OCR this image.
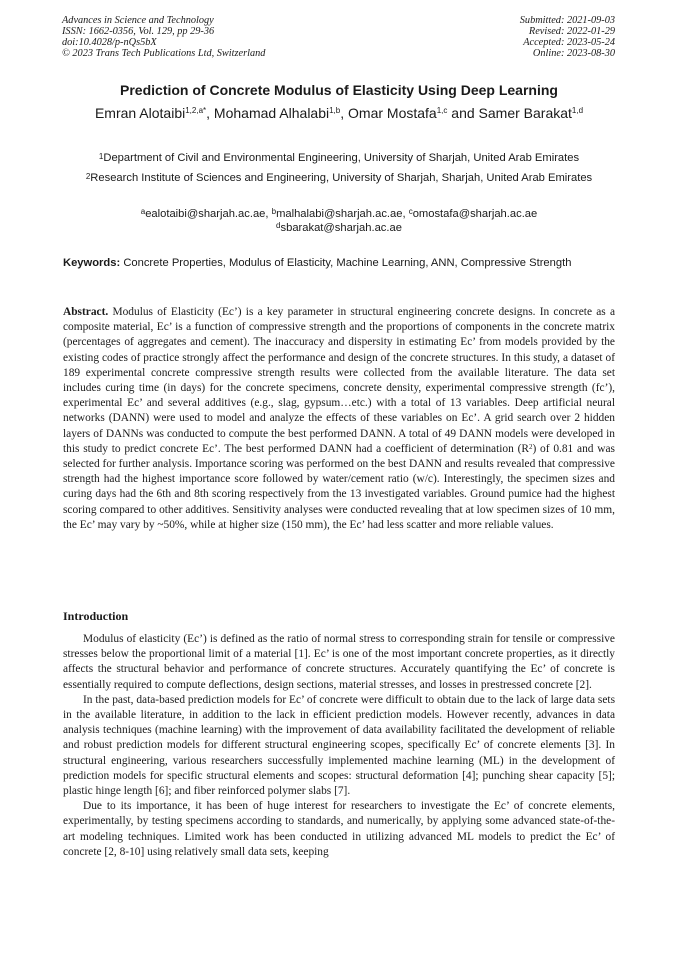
Advances in Science and Technology
ISSN: 1662-0356, Vol. 129, pp 29-36
doi:10.4028/p-nQs5bX
© 2023 Trans Tech Publications Ltd, Switzerland
Submitted: 2021-09-03
Revised: 2022-01-29
Accepted: 2023-05-24
Online: 2023-08-30
Prediction of Concrete Modulus of Elasticity Using Deep Learning
Emran Alotaibi$^{1,2,a*}$, Mohamad Alhalabi$^{1,b}$, Omar Mostafa$^{1,c}$ and Samer Barakat$^{1,d}$
$^1$Department of Civil and Environmental Engineering, University of Sharjah, United Arab Emirates
$^2$Research Institute of Sciences and Engineering, University of Sharjah, Sharjah, United Arab Emirates
$^a$ealotaibi@sharjah.ac.ae, $^b$malhalabi@sharjah.ac.ae, $^c$omostafa@sharjah.ac.ae
$^d$sbarakat@sharjah.ac.ae
Keywords: Concrete Properties, Modulus of Elasticity, Machine Learning, ANN, Compressive Strength
Abstract. Modulus of Elasticity (Ec’) is a key parameter in structural engineering concrete designs. In concrete as a composite material, Ec’ is a function of compressive strength and the proportions of components in the concrete matrix (percentages of aggregates and cement). The inaccuracy and dispersity in estimating Ec’ from models provided by the existing codes of practice strongly affect the performance and design of the concrete structures. In this study, a dataset of 189 experimental concrete compressive strength results were collected from the available literature. The data set includes curing time (in days) for the concrete specimens, concrete density, experimental compressive strength (fc’), experimental Ec’ and several additives (e.g., slag, gypsum…etc.) with a total of 13 variables. Deep artificial neural networks (DANN) were used to model and analyze the effects of these variables on Ec’. A grid search over 2 hidden layers of DANNs was conducted to compute the best performed DANN. A total of 49 DANN models were developed in this study to predict concrete Ec’. The best performed DANN had a coefficient of determination $(R^2)$ of 0.81 and was selected for further analysis. Importance scoring was performed on the best DANN and results revealed that compressive strength had the highest importance score followed by water/cement ratio (w/c). Interestingly, the specimen sizes and curing days had the 6th and 8th scoring respectively from the 13 investigated variables. Ground pumice had the highest scoring compared to other additives. Sensitivity analyses were conducted revealing that at low specimen sizes of 10 mm, the Ec’ may vary by ~50%, while at higher size (150 mm), the Ec’ had less scatter and more reliable values.
Introduction

Modulus of elasticity (Ec’) is defined as the ratio of normal stress to corresponding strain for tensile or compressive stresses below the proportional limit of a material [1]. Ec’ is one of the most important concrete properties, as it directly affects the structural behavior and performance of concrete structures. Accurately quantifying the Ec’ of concrete is essentially required to compute deflections, design sections, material stresses, and losses in prestressed concrete [2].

In the past, data-based prediction models for Ec’ of concrete were difficult to obtain due to the lack of large data sets in the available literature, in addition to the lack in efficient prediction models. However recently, advances in data analysis techniques (machine learning) with the improvement of data availability facilitated the development of reliable and robust prediction models for different structural engineering scopes, specifically Ec’ of concrete elements [3]. In structural engineering, various researchers successfully implemented machine learning (ML) in the development of prediction models for specific structural elements and scopes: structural deformation [4]; punching shear capacity [5]; plastic hinge length [6]; and fiber reinforced polymer slabs [7].

Due to its importance, it has been of huge interest for researchers to investigate the Ec’ of concrete elements, experimentally, by testing specimens according to standards, and numerically, by applying some advanced state-of-the-art modeling techniques. Limited work has been conducted in utilizing advanced ML models to predict the Ec’ of concrete [2, 8-10] using relatively small data sets, keeping
